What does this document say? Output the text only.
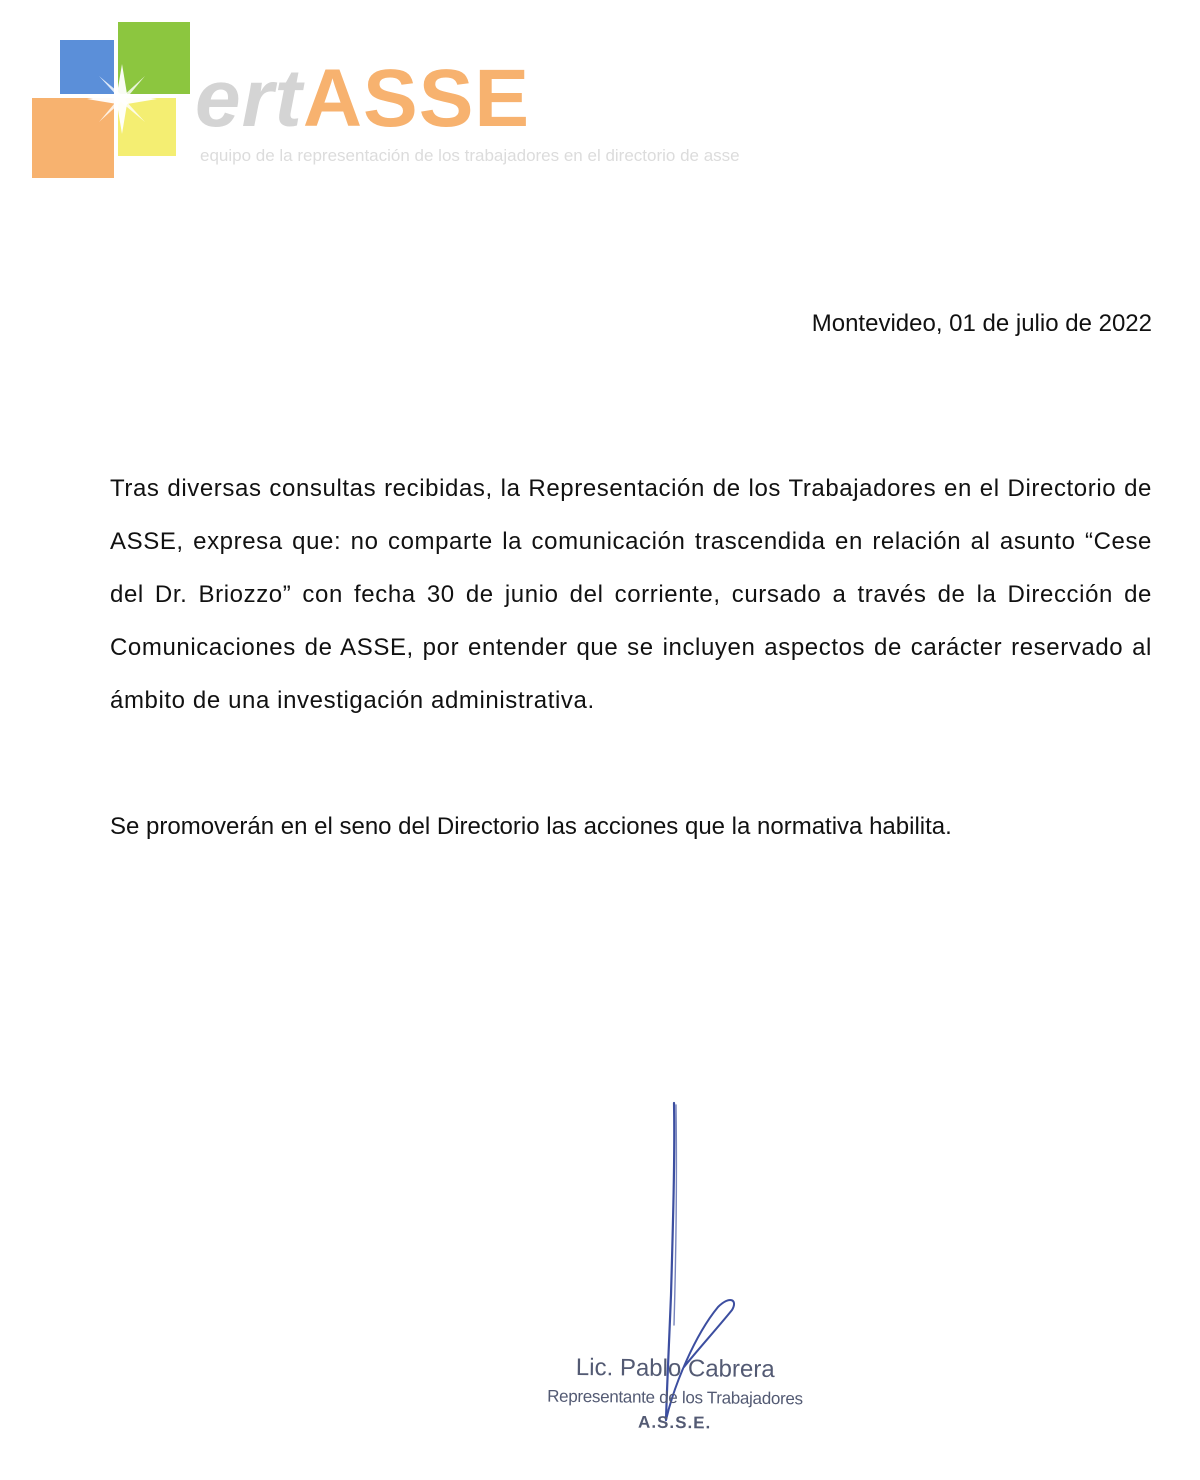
ertASSE
equipo de la representación de los trabajadores en el directorio de asse
Montevideo, 01 de julio de 2022

Tras diversas consultas recibidas, la Representación de los Trabajadores en el Directorio de ASSE, expresa que: no comparte la comunicación trascendida en relación al asunto “Cese del Dr. Briozzo” con fecha 30 de junio del corriente, cursado a través de la Dirección de Comunicaciones de ASSE, por entender que se incluyen aspectos de carácter reservado al ámbito de una investigación administrativa.

Se promoverán en el seno del Directorio las acciones que la normativa habilita.

Lic. Pablo Cabrera
Representante de los Trabajadores
A.S.S.E.
